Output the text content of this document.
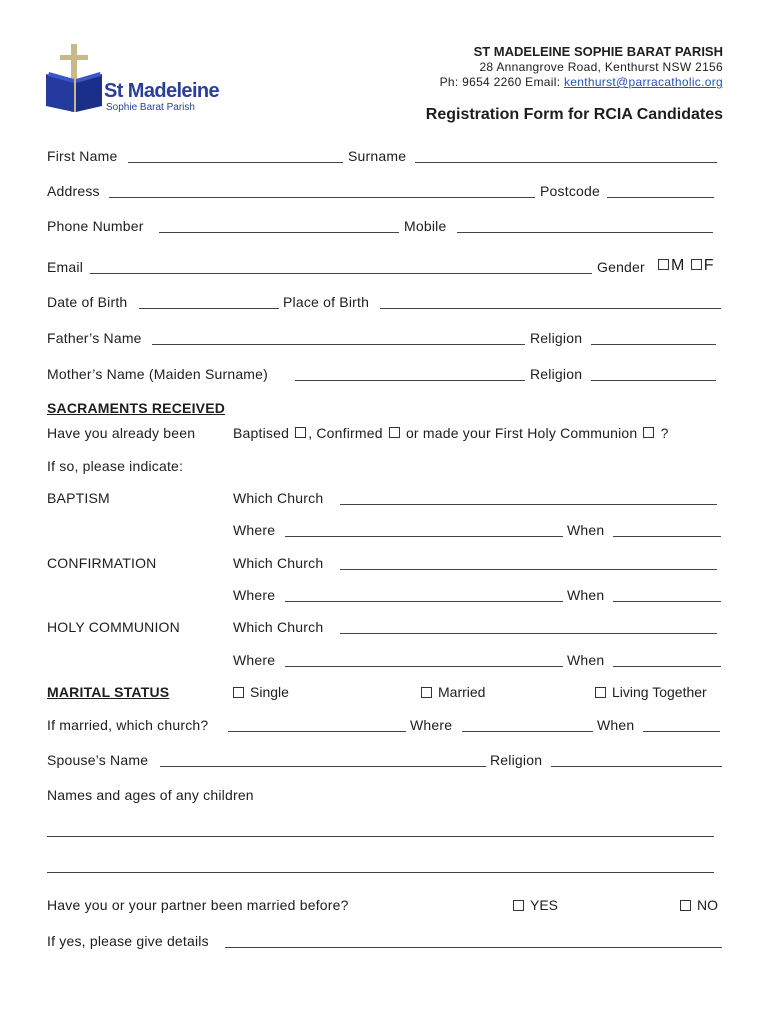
St Madeleine
Sophie Barat Parish
ST MADELEINE SOPHIE BARAT PARISH
28 Annangrove Road, Kenthurst NSW 2156
Ph: 9654 2260 Email: kenthurst@parracatholic.org
Registration Form for RCIA Candidates
First Name	Surname
Address	Postcode
Phone Number	Mobile
Email	Gender	M F
Date of Birth	Place of Birth
Father’s Name	Religion
Mother’s Name (Maiden Surname)	Religion
SACRAMENTS RECEIVED
Have you already been	Baptised , Confirmed or made your First Holy Communion ?
If so, please indicate:
BAPTISM	Which Church
Where	When
CONFIRMATION	Which Church
Where	When
HOLY COMMUNION	Which Church
Where	When
MARITAL STATUS	Single	Married	Living Together
If married, which church?	Where	When
Spouse’s Name	Religion
Names and ages of any children
Have you or your partner been married before?	YES	NO
If yes, please give details
